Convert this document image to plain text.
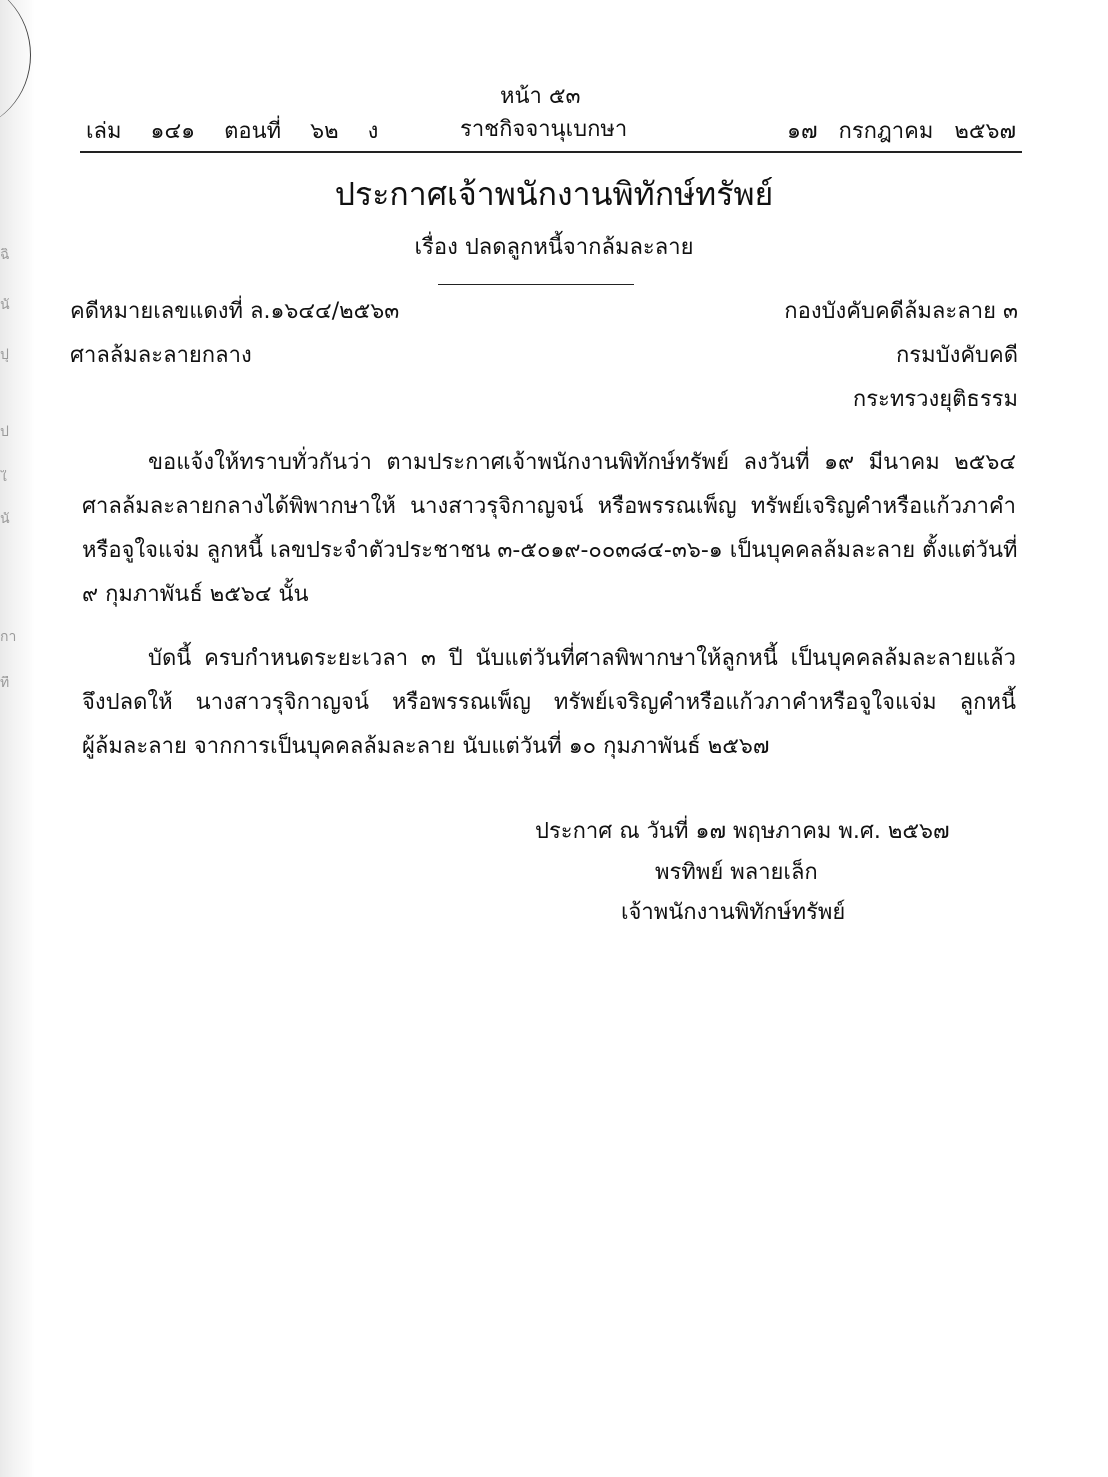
ฉิ
นั
ปุ
ป
ใ
นั
กา
ที
หน้า ๕๓
เล่ม ๑๔๑ ตอนที่ ๖๒ ง	ราชกิจจานุเบกษา	๑๗ กรกฎาคม ๒๕๖๗
ประกาศเจ้าพนักงานพิทักษ์ทรัพย์
เรื่อง ปลดลูกหนี้จากล้มละลาย
คดีหมายเลขแดงที่ ล.๑๖๔๔/๒๕๖๓
ศาลล้มละลายกลาง
กองบังคับคดีล้มละลาย ๓
กรมบังคับคดี
กระทรวงยุติธรรม
ขอแจ้งให้ทราบทั่วกันว่า ตามประกาศเจ้าพนักงานพิทักษ์ทรัพย์ ลงวันที่ ๑๙ มีนาคม ๒๕๖๔
ศาลล้มละลายกลางได้พิพากษาให้ นางสาวรุจิกาญจน์ หรือพรรณเพ็ญ ทรัพย์เจริญคำหรือแก้วภาคำ
หรือจูใจแจ่ม ลูกหนี้ เลขประจำตัวประชาชน ๓-๕๐๑๙-๐๐๓๘๔-๓๖-๑ เป็นบุคคลล้มละลาย ตั้งแต่วันที่
๙ กุมภาพันธ์ ๒๕๖๔ นั้น
บัดนี้ ครบกำหนดระยะเวลา ๓ ปี นับแต่วันที่ศาลพิพากษาให้ลูกหนี้ เป็นบุคคลล้มละลายแล้ว
จึงปลดให้ นางสาวรุจิกาญจน์ หรือพรรณเพ็ญ ทรัพย์เจริญคำหรือแก้วภาคำหรือจูใจแจ่ม ลูกหนี้
ผู้ล้มละลาย จากการเป็นบุคคลล้มละลาย นับแต่วันที่ ๑๐ กุมภาพันธ์ ๒๕๖๗
ประกาศ ณ วันที่ ๑๗ พฤษภาคม พ.ศ. ๒๕๖๗
พรทิพย์ พลายเล็ก
เจ้าพนักงานพิทักษ์ทรัพย์
